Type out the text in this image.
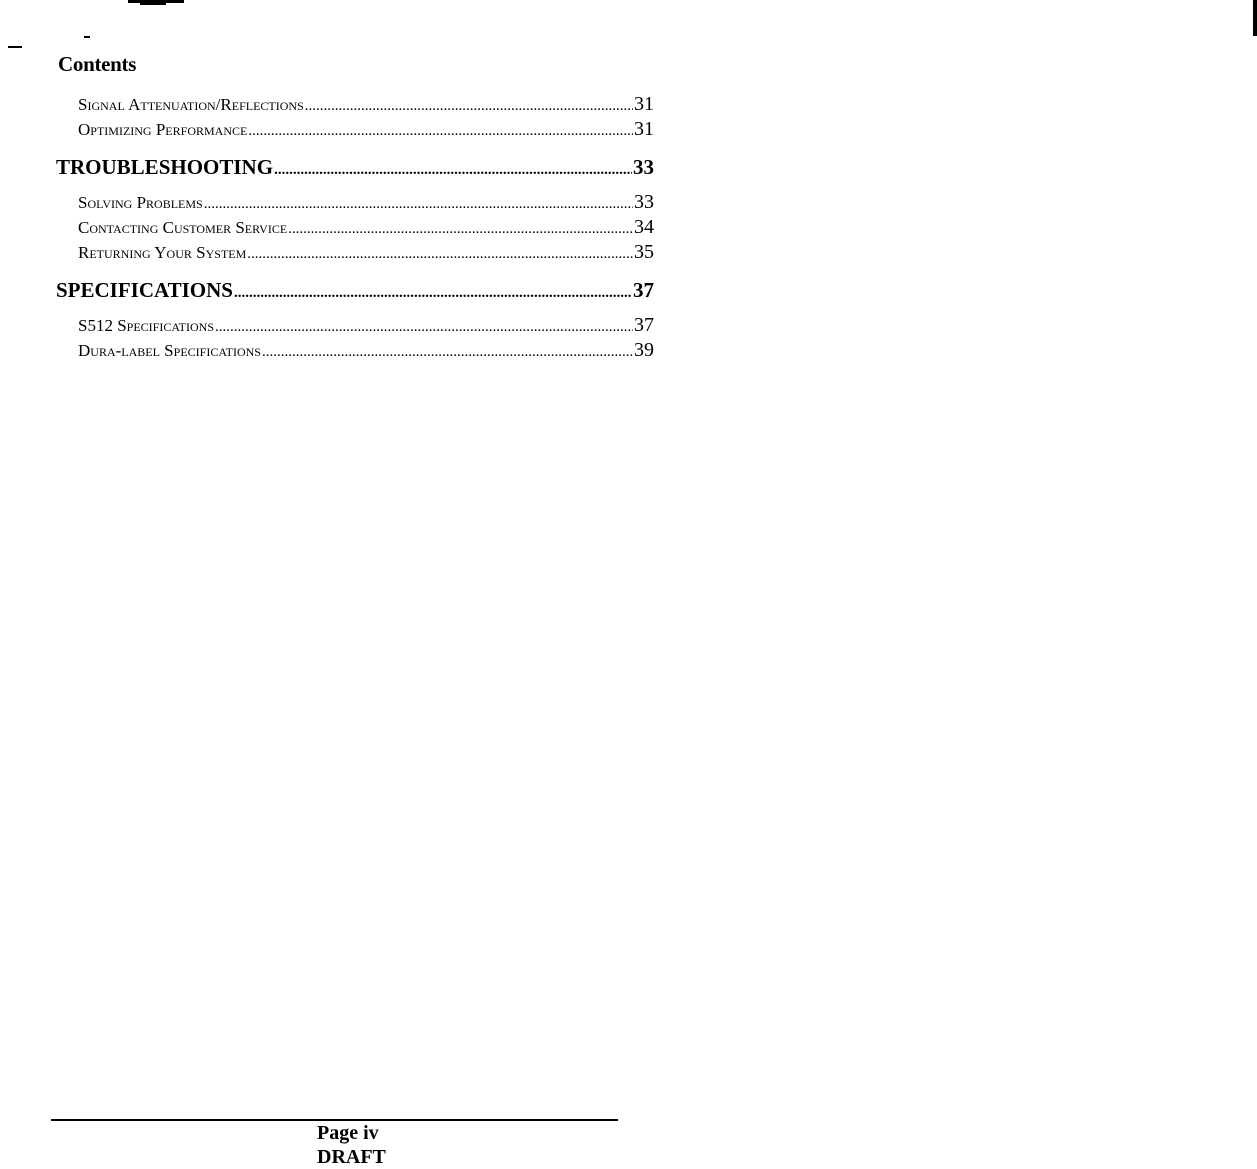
Contents
Signal Attenuation/Reflections .....	31
Optimizing Performance .....	31
TROUBLESHOOTING .....	33
Solving Problems .....	33
Contacting Customer Service .....	34
Returning Your System .....	35
SPECIFICATIONS .....	37
S512 Specifications .....	37
Dura-label Specifications .....	39
Page iv
DRAFT
